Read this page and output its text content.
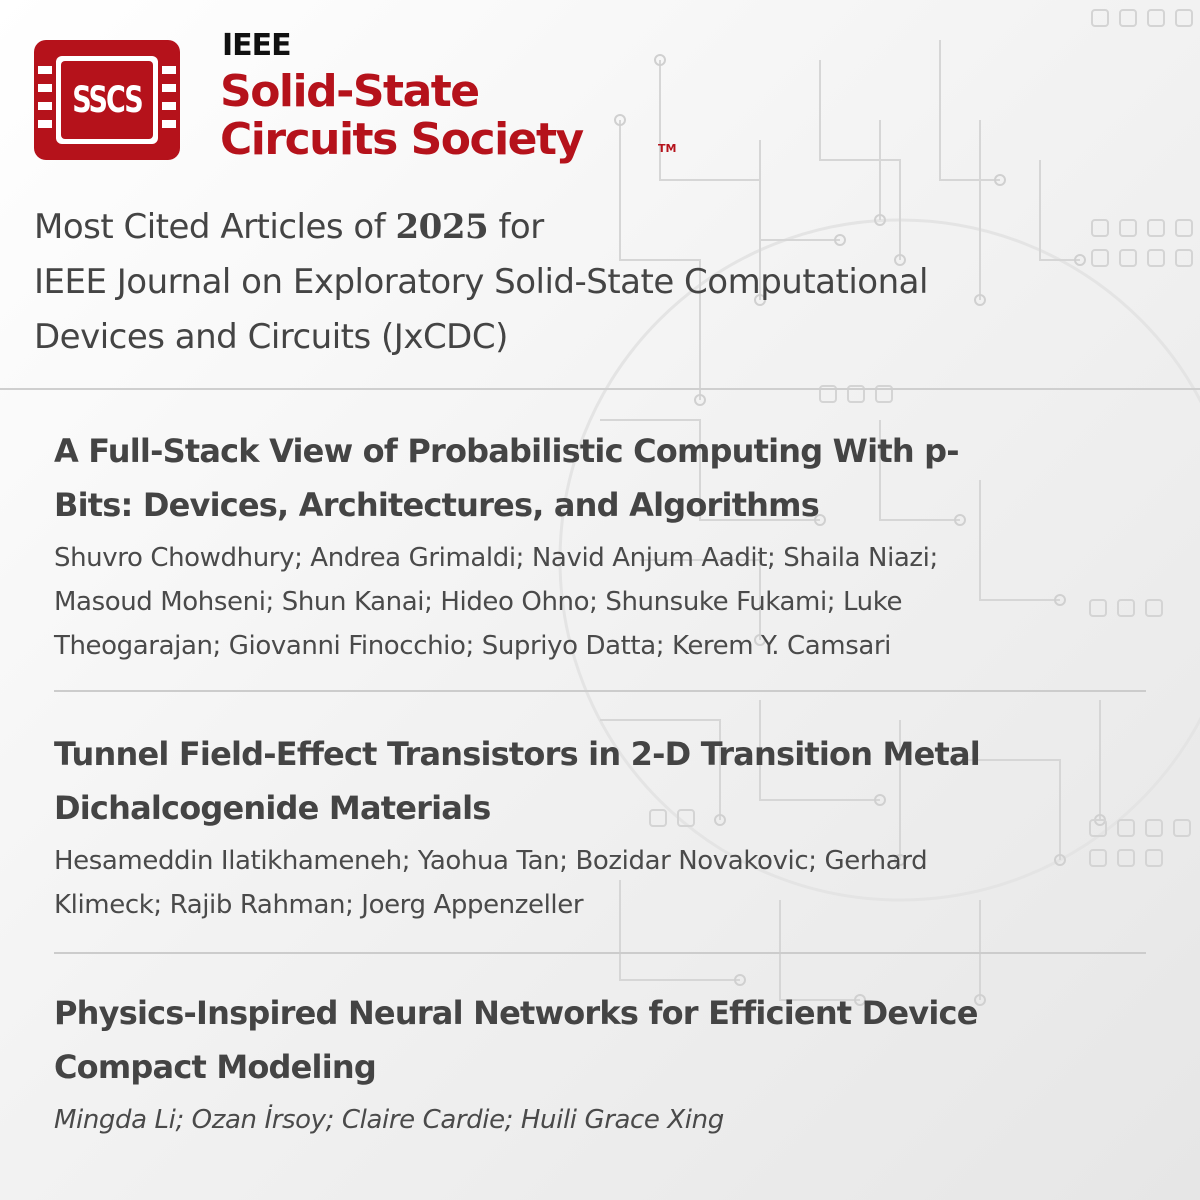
SSCS

IEEE

Solid-State
Circuits Society	TM
Most Cited Articles of 2025 for
IEEE Journal on Exploratory Solid-State Computational
Devices and Circuits (JxCDC)
A Full-Stack View of Probabilistic Computing With p-
Bits: Devices, Architectures, and Algorithms

Shuvro Chowdhury; Andrea Grimaldi; Navid Anjum Aadit; Shaila Niazi;
Masoud Mohseni; Shun Kanai; Hideo Ohno; Shunsuke Fukami; Luke
Theogarajan; Giovanni Finocchio; Supriyo Datta; Kerem Y. Camsari

Tunnel Field-Effect Transistors in 2-D Transition Metal
Dichalcogenide Materials

Hesameddin Ilatikhameneh; Yaohua Tan; Bozidar Novakovic; Gerhard
Klimeck; Rajib Rahman; Joerg Appenzeller

Physics-Inspired Neural Networks for Efficient Device
Compact Modeling

Mingda Li; Ozan İrsoy; Claire Cardie; Huili Grace Xing
